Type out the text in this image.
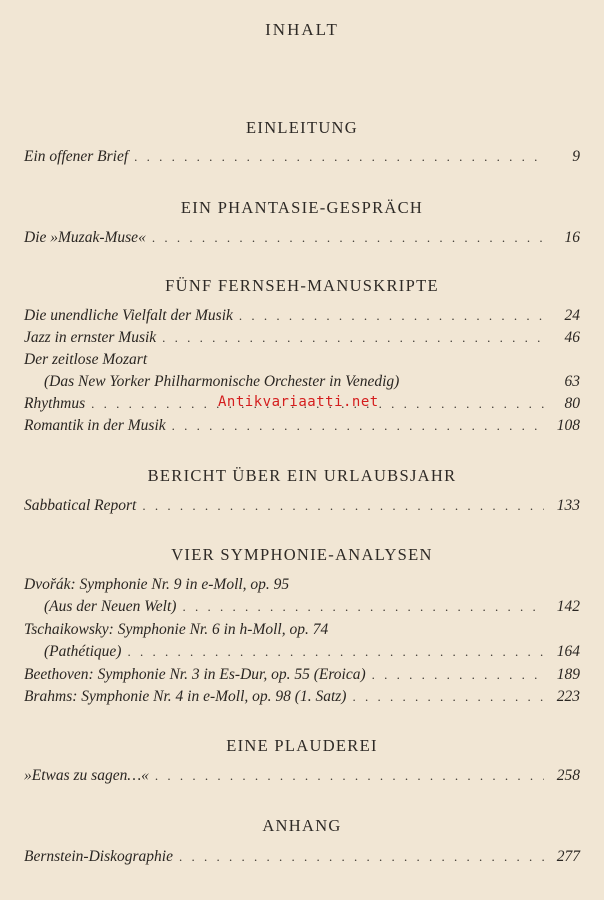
INHALT
EINLEITUNG
Ein offener Brief . . .	9
EIN PHANTASIE-GESPRÄCH
Die »Muzak-Muse« . . .	16
FÜNF FERNSEH-MANUSKRIPTE
Die unendliche Vielfalt der Musik . . .	24
Jazz in ernster Musik . . .	46
Der zeitlose Mozart
(Das New Yorker Philharmonische Orchester in Venedig)	63
Rhythmus . . .	80
Romantik in der Musik . . .	108
BERICHT ÜBER EIN URLAUBSJAHR
Sabbatical Report . . .	133
VIER SYMPHONIE-ANALYSEN
Dvořák: Symphonie Nr. 9 in e-Moll, op. 95
(Aus der Neuen Welt) . . .	142
Tschaikowsky: Symphonie Nr. 6 in h-Moll, op. 74
(Pathétique) . . .	164
Beethoven: Symphonie Nr. 3 in Es-Dur, op. 55 (Eroica) . . .	189
Brahms: Symphonie Nr. 4 in e-Moll, op. 98 (1. Satz) . . .	223
EINE PLAUDEREI
»Etwas zu sagen…« . . .	258
ANHANG
Bernstein-Diskographie . . .	277
Antikvariaatti.net
